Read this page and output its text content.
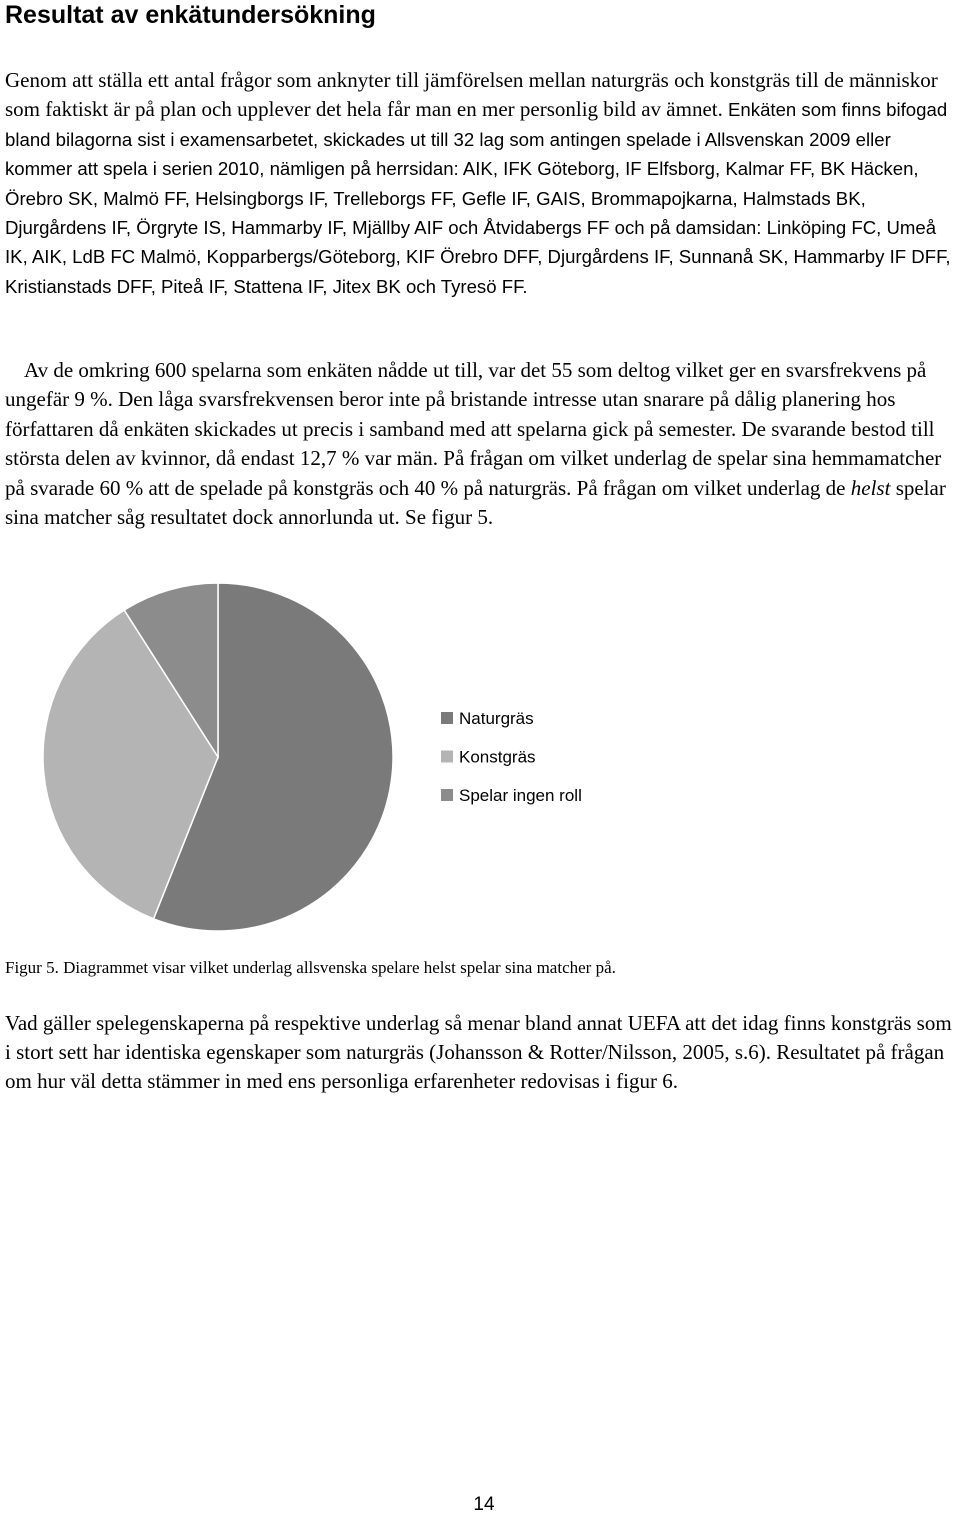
Resultat av enkätundersökning

Genom att ställa ett antal frågor som anknyter till jämförelsen mellan naturgräs och konstgräs till de människor som faktiskt är på plan och upplever det hela får man en mer personlig bild av ämnet. Enkäten som finns bifogad bland bilagorna sist i examensarbetet, skickades ut till 32 lag som antingen spelade i Allsvenskan 2009 eller kommer att spela i serien 2010, nämligen på herrsidan: AIK, IFK Göteborg, IF Elfsborg, Kalmar FF, BK Häcken, Örebro SK, Malmö FF, Helsingborgs IF, Trelleborgs FF, Gefle IF, GAIS, Brommapojkarna, Halmstads BK, Djurgårdens IF, Örgryte IS, Hammarby IF, Mjällby AIF och Åtvidabergs FF och på damsidan: Linköping FC, Umeå IK, AIK, LdB FC Malmö, Kopparbergs/Göteborg, KIF Örebro DFF, Djurgårdens IF, Sunnanå SK, Hammarby IF DFF, Kristianstads DFF, Piteå IF, Stattena IF, Jitex BK och Tyresö FF.

Av de omkring 600 spelarna som enkäten nådde ut till, var det 55 som deltog vilket ger en svarsfrekvens på ungefär 9 %. Den låga svarsfrekvensen beror inte på bristande intresse utan snarare på dålig planering hos författaren då enkäten skickades ut precis i samband med att spelarna gick på semester. De svarande bestod till största delen av kvinnor, då endast 12,7 % var män. På frågan om vilket underlag de spelar sina hemmamatcher på svarade 60 % att de spelade på konstgräs och 40 % på naturgräs. På frågan om vilket underlag de helst spelar sina matcher såg resultatet dock annorlunda ut. Se figur 5.

Naturgräs
Konstgräs
Spelar ingen roll

Figur 5. Diagrammet visar vilket underlag allsvenska spelare helst spelar sina matcher på.

Vad gäller spelegenskaperna på respektive underlag så menar bland annat UEFA att det idag finns konstgräs som i stort sett har identiska egenskaper som naturgräs (Johansson & Rotter/Nilsson, 2005, s.6). Resultatet på frågan om hur väl detta stämmer in med ens personliga erfarenheter redovisas i figur 6.

14
